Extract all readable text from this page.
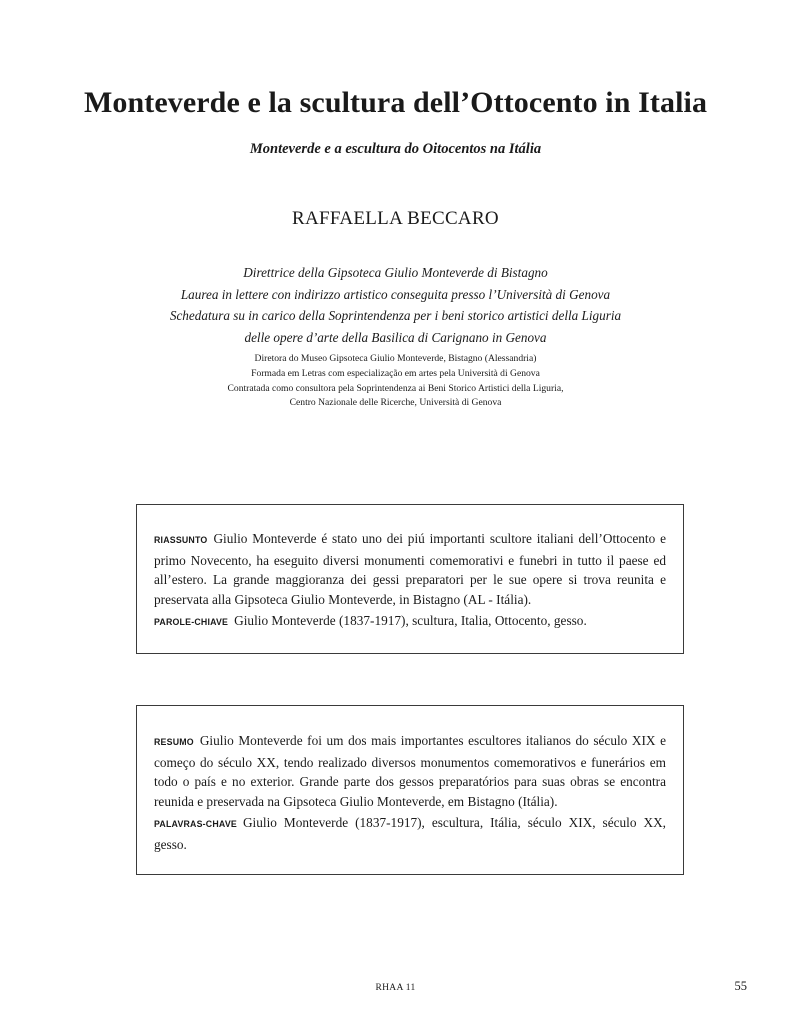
Monteverde e la scultura dell’Ottocento in Italia
Monteverde e a escultura do Oitocentos na Itália
RAFFAELLA BECCARO
Direttrice della Gipsoteca Giulio Monteverde di Bistagno
Laurea in lettere con indirizzo artistico conseguita presso l’Università di Genova
Schedatura su in carico della Soprintendenza per i beni storico artistici della Liguria
delle opere d’arte della Basilica di Carignano in Genova
Diretora do Museo Gipsoteca Giulio Monteverde, Bistagno (Alessandria)
Formada em Letras com especialização em artes pela Università di Genova
Contratada como consultora pela Soprintendenza ai Beni Storico Artistici della Liguria,
Centro Nazionale delle Ricerche, Università di Genova

RIASSUNTO Giulio Monteverde é stato uno dei piú importanti scultore italiani dell’Ottocento e primo Novecento, ha eseguito diversi monumenti comemorativi e funebri in tutto il paese ed all’estero. La grande maggioranza dei gessi preparatori per le sue opere si trova reunita e preservata alla Gipsoteca Giulio Monteverde, in Bistagno (AL - Itália).

PAROLE-CHIAVE Giulio Monteverde (1837-1917), scultura, Italia, Ottocento, gesso.

RESUMO Giulio Monteverde foi um dos mais importantes escultores italianos do século XIX e começo do século XX, tendo realizado diversos monumentos comemorativos e funerários em todo o país e no exterior. Grande parte dos gessos preparatórios para suas obras se encontra reunida e preservada na Gipsoteca Giulio Monteverde, em Bistagno (Itália).

PALAVRAS-CHAVE Giulio Monteverde (1837-1917), escultura, Itália, século XIX, século XX, gesso.

RHAA 11	55
